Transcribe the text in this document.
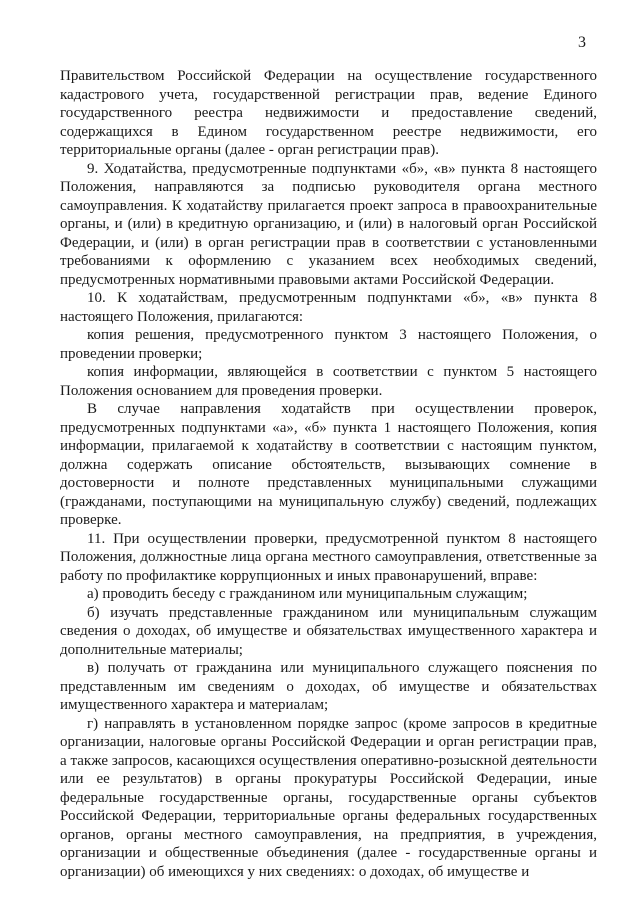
3

Правительством Российской Федерации на осуществление государственного кадастрового учета, государственной регистрации прав, ведение Единого государственного реестра недвижимости и предоставление сведений, содержащихся в Едином государственном реестре недвижимости, его территориальные органы (далее - орган регистрации прав).

9. Ходатайства, предусмотренные подпунктами «б», «в» пункта 8 настоящего Положения, направляются за подписью руководителя органа местного самоуправления. К ходатайству прилагается проект запроса в правоохранительные органы, и (или) в кредитную организацию, и (или) в налоговый орган Российской Федерации, и (или) в орган регистрации прав в соответствии с установленными требованиями к оформлению с указанием всех необходимых сведений, предусмотренных нормативными правовыми актами Российской Федерации.

10. К ходатайствам, предусмотренным подпунктами «б», «в» пункта 8 настоящего Положения, прилагаются:

копия решения, предусмотренного пунктом 3 настоящего Положения, о проведении проверки;

копия информации, являющейся в соответствии с пунктом 5 настоящего Положения основанием для проведения проверки.

В случае направления ходатайств при осуществлении проверок, предусмотренных подпунктами «а», «б» пункта 1 настоящего Положения, копия информации, прилагаемой к ходатайству в соответствии с настоящим пунктом, должна содержать описание обстоятельств, вызывающих сомнение в достоверности и полноте представленных муниципальными служащими (гражданами, поступающими на муниципальную службу) сведений, подлежащих проверке.

11. При осуществлении проверки, предусмотренной пунктом 8 настоящего Положения, должностные лица органа местного самоуправления, ответственные за работу по профилактике коррупционных и иных правонарушений, вправе:

а) проводить беседу с гражданином или муниципальным служащим;

б) изучать представленные гражданином или муниципальным служащим сведения о доходах, об имуществе и обязательствах имущественного характера и дополнительные материалы;

в) получать от гражданина или муниципального служащего пояснения по представленным им сведениям о доходах, об имуществе и обязательствах имущественного характера и материалам;

г) направлять в установленном порядке запрос (кроме запросов в кредитные организации, налоговые органы Российской Федерации и орган регистрации прав, а также запросов, касающихся осуществления оперативно-розыскной деятельности или ее результатов) в органы прокуратуры Российской Федерации, иные федеральные государственные органы, государственные органы субъектов Российской Федерации, территориальные органы федеральных государственных органов, органы местного самоуправления, на предприятия, в учреждения, организации и общественные объединения (далее - государственные органы и организации) об имеющихся у них сведениях: о доходах, об имуществе и
